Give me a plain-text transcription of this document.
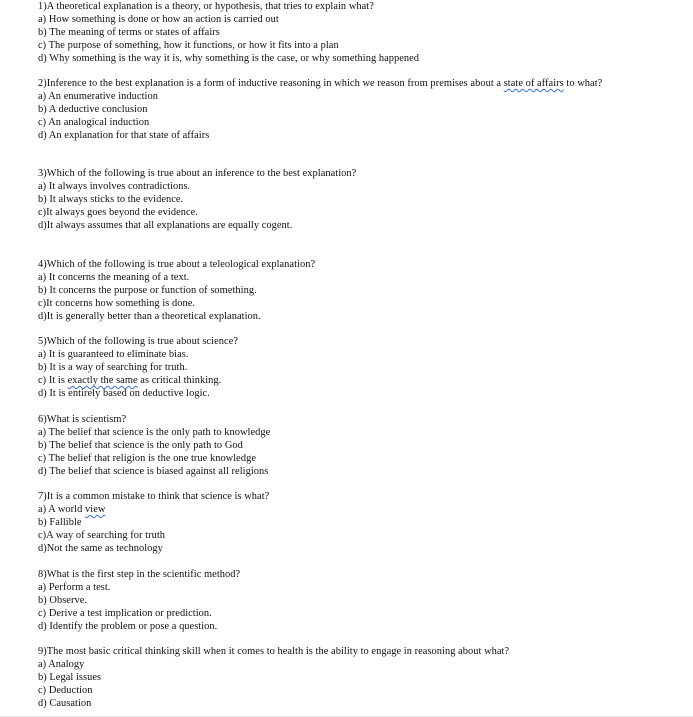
1)A theoretical explanation is a theory, or hypothesis, that tries to explain what?
a) How something is done or how an action is carried out
b) The meaning of terms or states of affairs
c) The purpose of something, how it functions, or how it fits into a plan
d) Why something is the way it is, why something is the case, or why something happened
2)Inference to the best explanation is a form of inductive reasoning in which we reason from premises about a state of affairs to what?
a) An enumerative induction
b) A deductive conclusion
c) An analogical induction
d) An explanation for that state of affairs
3)Which of the following is true about an inference to the best explanation?
a) It always involves contradictions.
b) It always sticks to the evidence.
c)It always goes beyond the evidence.
d)It always assumes that all explanations are equally cogent.
4)Which of the following is true about a teleological explanation?
a) It concerns the meaning of a text.
b) It concerns the purpose or function of something.
c)It concerns how something is done.
d)It is generally better than a theoretical explanation.
5)Which of the following is true about science?
a) It is guaranteed to eliminate bias.
b) It is a way of searching for truth.
c) It is exactly the same as critical thinking.
d) It is entirely based on deductive logic.
6)What is scientism?
a) The belief that science is the only path to knowledge
b) The belief that science is the only path to God
c) The belief that religion is the one true knowledge
d) The belief that science is biased against all religions
7)It is a common mistake to think that science is what?
a) A world view
b) Fallible
c)A way of searching for truth
d)Not the same as technology
8)What is the first step in the scientific method?
a) Perform a test.
b) Observe.
c) Derive a test implication or prediction.
d) Identify the problem or pose a question.
9)The most basic critical thinking skill when it comes to health is the ability to engage in reasoning about what?
a) Analogy
b) Legal issues
c) Deduction
d) Causation
